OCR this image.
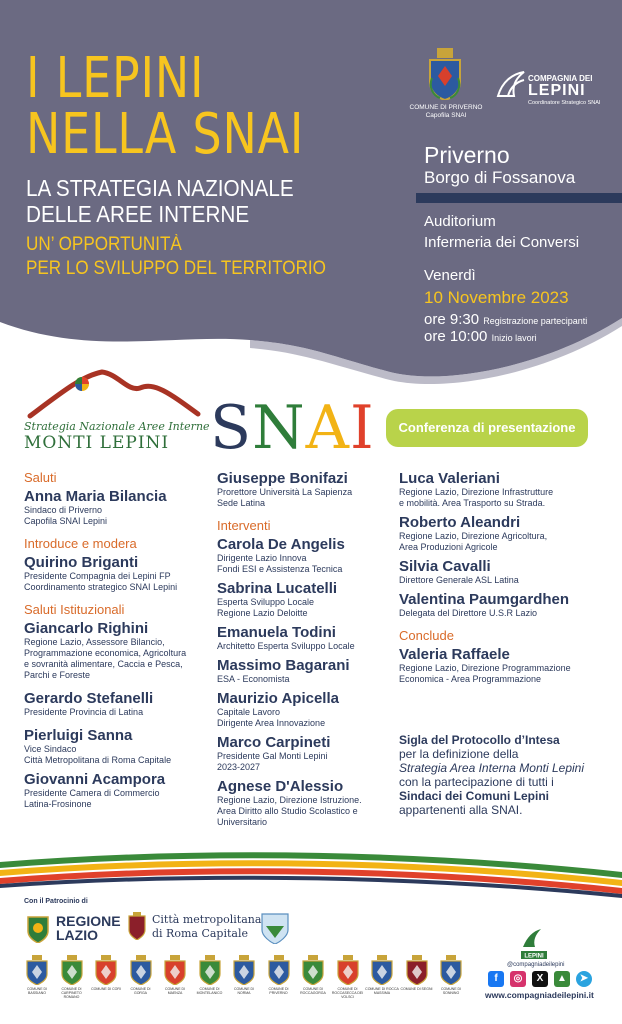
I LEPINI
NELLA SNAI
LA STRATEGIA NAZIONALE
DELLE AREE INTERNE
UN’ OPPORTUNITÀ
PER LO SVILUPPO DEL TERRITORIO
COMUNE DI PRIVERNO
Capofila SNAI
COMPAGNIA DEI
LEPINI
Coordinatore Strategico SNAI
Priverno
Borgo di Fossanova
Auditorium
Infermeria dei Conversi
Venerdì
10 Novembre 2023
ore 9:30 Registrazione partecipanti
ore 10:00 Inizio lavori
Strategia Nazionale Aree Interne
MONTI LEPINI SNAI	Conferenza di presentazione
Saluti
Anna Maria Bilancia
Sindaco di Priverno
Capofila SNAI Lepini
Introduce e modera
Quirino Briganti
Presidente Compagnia dei Lepini FP
Coordinamento strategico SNAI Lepini
Saluti Istituzionali
Giancarlo Righini
Regione Lazio, Assessore Bilancio,
Programmazione economica, Agricoltura
e sovranità alimentare, Caccia e Pesca,
Parchi e Foreste
Gerardo Stefanelli
Presidente Provincia di Latina
Pierluigi Sanna
Vice Sindaco
Città Metropolitana di Roma Capitale
Giovanni Acampora
Presidente Camera di Commercio
Latina-Frosinone
Giuseppe Bonifazi
Prorettore Università La Sapienza
Sede Latina
Interventi
Carola De Angelis
Dirigente Lazio Innova
Fondi ESI e Assistenza Tecnica
Sabrina Lucatelli
Esperta Sviluppo Locale
Regione Lazio Deloitte
Emanuela Todini
Architetto Esperta Sviluppo Locale
Massimo Bagarani
ESA - Economista
Maurizio Apicella
Capitale Lavoro
Dirigente Area Innovazione
Marco Carpineti
Presidente Gal Monti Lepini
2023-2027
Agnese D'Alessio
Regione Lazio, Direzione Istruzione.
Area Diritto allo Studio Scolastico e
Universitario
Luca Valeriani
Regione Lazio, Direzione Infrastrutture
e mobilità. Area Trasporto su Strada.
Roberto Aleandri
Regione Lazio, Direzione Agricoltura,
Area Produzioni Agricole
Silvia Cavalli
Direttore Generale ASL Latina
Valentina Paumgardhen
Delegata del Direttore U.S.R Lazio
Conclude
Valeria Raffaele
Regione Lazio, Direzione Programmazione
Economica - Area Programmazione
Sigla del Protocollo d’Intesa
per la definizione della
Strategia Area Interna Monti Lepini
con la partecipazione di tutti i
Sindaci dei Comuni Lepini
appartenenti alla SNAI.
Con il Patrocinio di
REGIONE
LAZIO
Città metropolitana
di Roma Capitale
COMUNE DI BASSIANO
COMUNE DI CARPINETO ROMANO
COMUNE DI CORI	COMUNE DI GORGA
COMUNE DI MAENZA
COMUNE DI MONTELANICO
COMUNE DI NORMA
COMUNE DI PRIVERNO
COMUNE DI ROCCAGORGA
COMUNE DI ROCCASECCA DEI VOLSCI
COMUNE DI ROCCA MASSIMA
COMUNE DI SEGNI	COMUNE DI SONNINO
LEPINI
@compagniadeilepini
f	◎	X	▲	➤
www.compagniadeilepini.it
